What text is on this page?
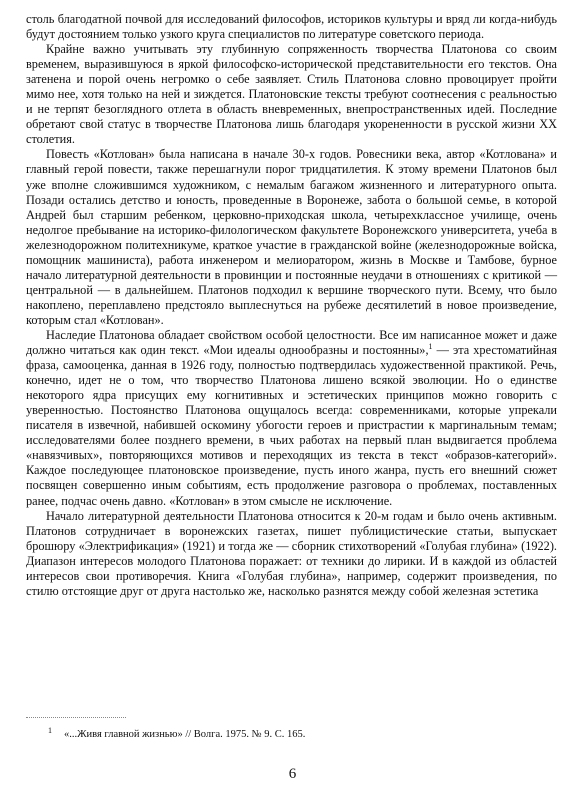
столь благодатной почвой для исследований философов, историков культуры и вряд ли когда-нибудь будут достоянием только узкого круга специалистов по литературе советского периода.

Крайне важно учитывать эту глубинную сопряженность творчества Платонова со своим временем, выразившуюся в яркой философско-исторической представительности его текстов. Она затенена и порой очень негромко о себе заявляет. Стиль Платонова словно провоцирует пройти мимо нее, хотя только на ней и зиждется. Платоновские тексты требуют соотнесения с реальностью и не терпят безоглядного отлета в область вневременных, внепространственных идей. Последние обретают свой статус в творчестве Платонова лишь благодаря укорененности в русской жизни XX столетия.

Повесть «Котлован» была написана в начале 30-х годов. Ровесники века, автор «Котлована» и главный герой повести, также перешагнули порог тридцатилетия. К этому времени Платонов был уже вполне сложившимся художником, с немалым багажом жизненного и литературного опыта. Позади остались детство и юность, проведенные в Воронеже, забота о большой семье, в которой Андрей был старшим ребенком, церковно-приходская школа, четырехклассное училище, очень недолгое пребывание на историко-филологическом факультете Воронежского университета, учеба в железнодорожном политехникуме, краткое участие в гражданской войне (железнодорожные войска, помощник машиниста), работа инженером и мелиоратором, жизнь в Москве и Тамбове, бурное начало литературной деятельности в провинции и постоянные неудачи в отношениях с критикой — центральной — в дальнейшем. Платонов подходил к вершине творческого пути. Всему, что было накоплено, переплавлено предстояло выплеснуться на рубеже десятилетий в новое произведение, которым стал «Котлован».

Наследие Платонова обладает свойством особой целостности. Все им написанное может и даже должно читаться как один текст. «Мои идеалы однообразны и постоянны»,$^1$ — эта хрестоматийная фраза, самооценка, данная в 1926 году, полностью подтвердилась художественной практикой. Речь, конечно, идет не о том, что творчество Платонова лишено всякой эволюции. Но о единстве некоторого ядра присущих ему когнитивных и эстетических принципов можно говорить с уверенностью. Постоянство Платонова ощущалось всегда: современниками, которые упрекали писателя в извечной, набившей оскомину убогости героев и пристрастии к маргинальным темам; исследователями более позднего времени, в чьих работах на первый план выдвигается проблема «навязчивых», повторяющихся мотивов и переходящих из текста в текст «образов-категорий». Каждое последующее платоновское произведение, пусть иного жанра, пусть его внешний сюжет посвящен совершенно иным событиям, есть продолжение разговора о проблемах, поставленных ранее, подчас очень давно. «Котлован» в этом смысле не исключение.

Начало литературной деятельности Платонова относится к 20-м годам и было очень активным. Платонов сотрудничает в воронежских газетах, пишет публицистические статьи, выпускает брошюру «Электрификация» (1921) и тогда же — сборник стихотворений «Голубая глубина» (1922). Диапазон интересов молодого Платонова поражает: от техники до лирики. И в каждой из областей интересов свои противоречия. Книга «Голубая глубина», например, содержит произведения, по стилю отстоящие друг от друга настолько же, насколько разнятся между собой железная эстетика

1 «...Живя главной жизнью» // Волга. 1975. № 9. С. 165.
6
